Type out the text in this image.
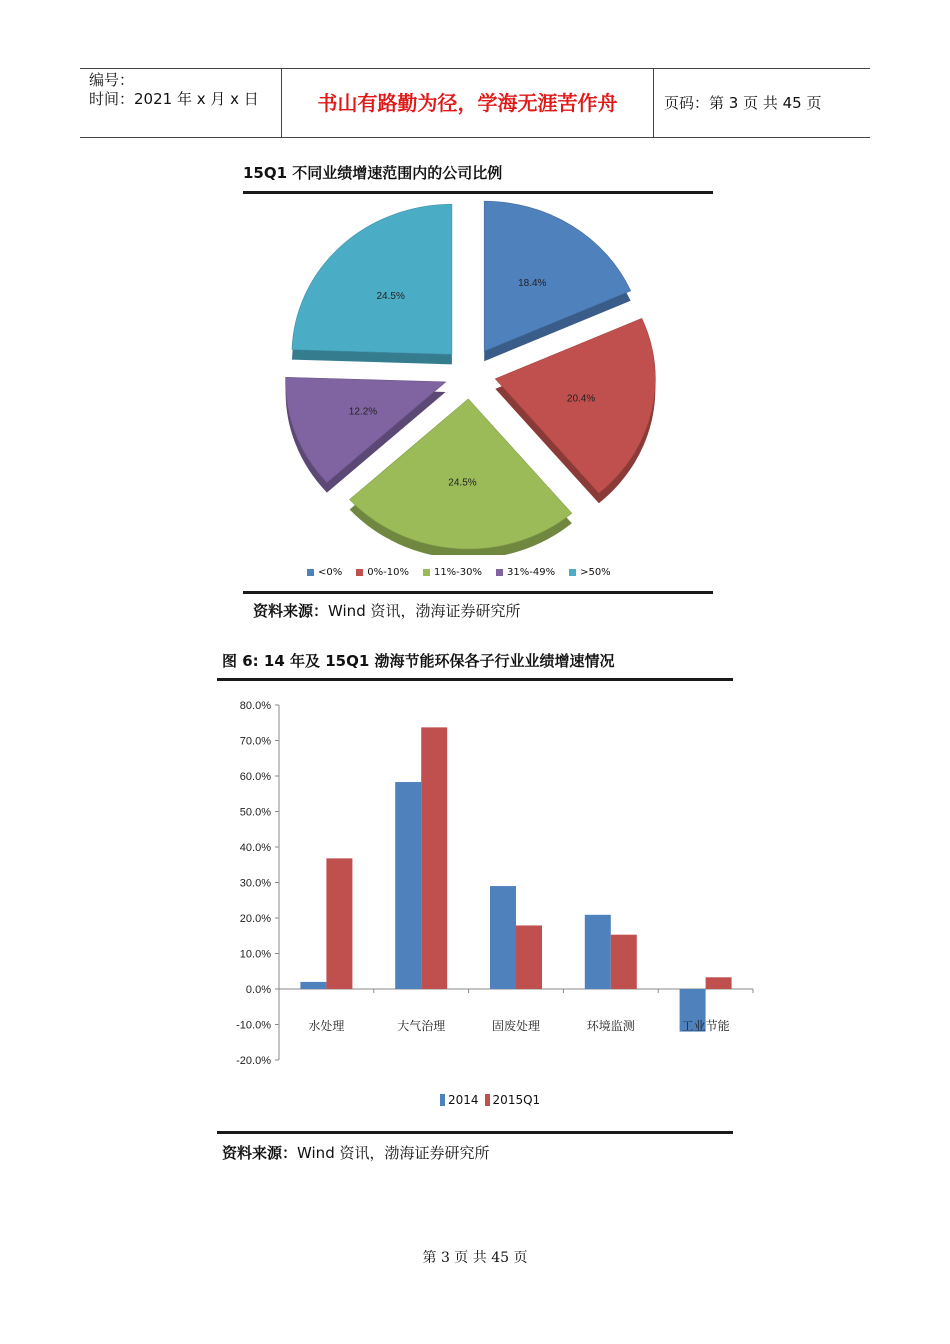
编号：
时间：2021 年 x 月 x 日	书山有路勤为径，学海无涯苦作舟	页码：第 3 页 共 45 页
15Q1 不同业绩增速范围内的公司比例
18.4%
20.4%
24.5%
12.2%
24.5%
<0%	0%-10%	11%-30%	31%-49%	>50%
资料来源：Wind 资讯，渤海证券研究所
图 6: 14 年及 15Q1 渤海节能环保各子行业业绩增速情况
80.0%
70.0%
60.0%
50.0%
40.0%
30.0%
20.0%
10.0%
0.0%
-10.0%
-20.0%
水处理	大气治理	固废处理	环境监测	工业节能
2014 2015Q1
资料来源：Wind 资讯，渤海证券研究所
第 3 页 共 45 页
